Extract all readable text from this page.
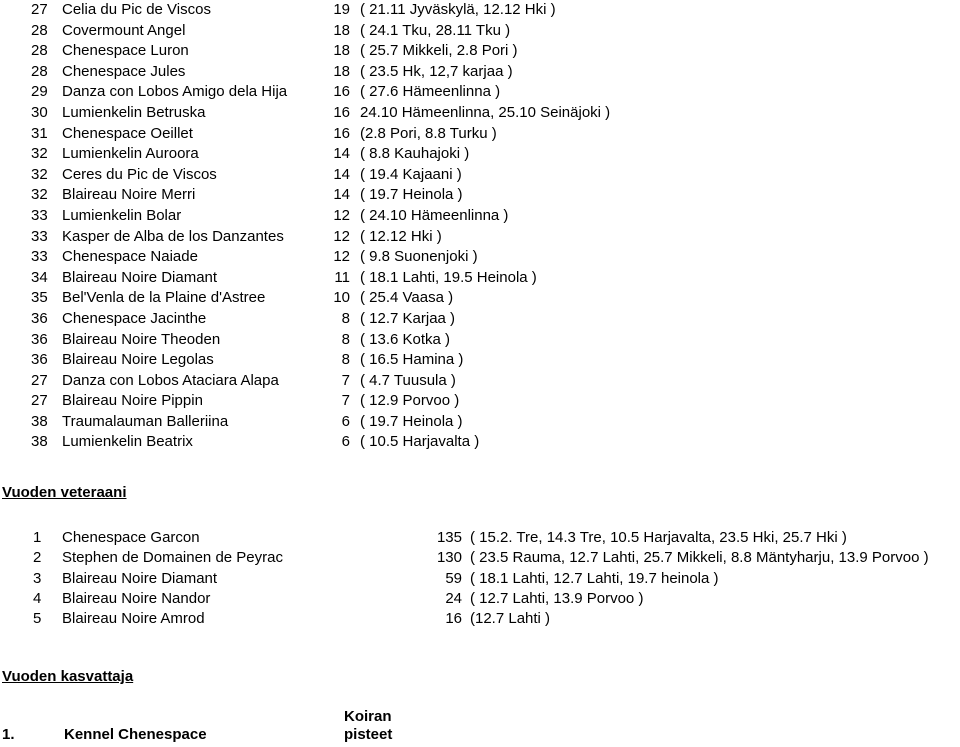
27 Celia du Pic de Viscos	19 ( 21.11 Jyväskylä, 12.12 Hki )
28 Covermount Angel	18 ( 24.1 Tku, 28.11 Tku )
28 Chenespace Luron	18 ( 25.7 Mikkeli, 2.8 Pori )
28 Chenespace Jules	18 ( 23.5 Hk, 12,7 karjaa )
29 Danza con Lobos Amigo dela Hija	16 ( 27.6 Hämeenlinna )
30 Lumienkelin Betruska	16 24.10 Hämeenlinna, 25.10 Seinäjoki )
31 Chenespace Oeillet	16 (2.8 Pori, 8.8 Turku )
32 Lumienkelin Auroora	14 ( 8.8 Kauhajoki )
32 Ceres du Pic de Viscos	14 ( 19.4 Kajaani )
32 Blaireau Noire Merri	14 ( 19.7 Heinola )
33 Lumienkelin Bolar	12 ( 24.10 Hämeenlinna )
33 Kasper de Alba de los Danzantes	12 ( 12.12 Hki )
33 Chenespace Naiade	12 ( 9.8 Suonenjoki )
34 Blaireau Noire Diamant	11 ( 18.1 Lahti, 19.5 Heinola )
35 Bel'Venla de la Plaine d'Astree	10 ( 25.4 Vaasa )
36 Chenespace Jacinthe	8 ( 12.7 Karjaa )
36 Blaireau Noire Theoden	8 ( 13.6 Kotka )
36 Blaireau Noire Legolas	8 ( 16.5 Hamina )
27 Danza con Lobos Ataciara Alapa	7 ( 4.7 Tuusula )
27 Blaireau Noire Pippin	7 ( 12.9 Porvoo )
38 Traumalauman Balleriina	6 ( 19.7 Heinola )
38 Lumienkelin Beatrix	6 ( 10.5 Harjavalta )
Vuoden veteraani
1 Chenespace Garcon	135 ( 15.2. Tre, 14.3 Tre, 10.5 Harjavalta, 23.5 Hki, 25.7 Hki )
2 Stephen de Domainen de Peyrac	130 ( 23.5 Rauma, 12.7 Lahti, 25.7 Mikkeli, 8.8 Mäntyharju, 13.9 Porvoo )
3 Blaireau Noire Diamant	59 ( 18.1 Lahti, 12.7 Lahti, 19.7 heinola )
4 Blaireau Noire Nandor	24 ( 12.7 Lahti, 13.9 Porvoo )
5 Blaireau Noire Amrod	16 (12.7 Lahti )
Vuoden kasvattaja
1.	Kennel Chenespace
Koiran
pisteet
